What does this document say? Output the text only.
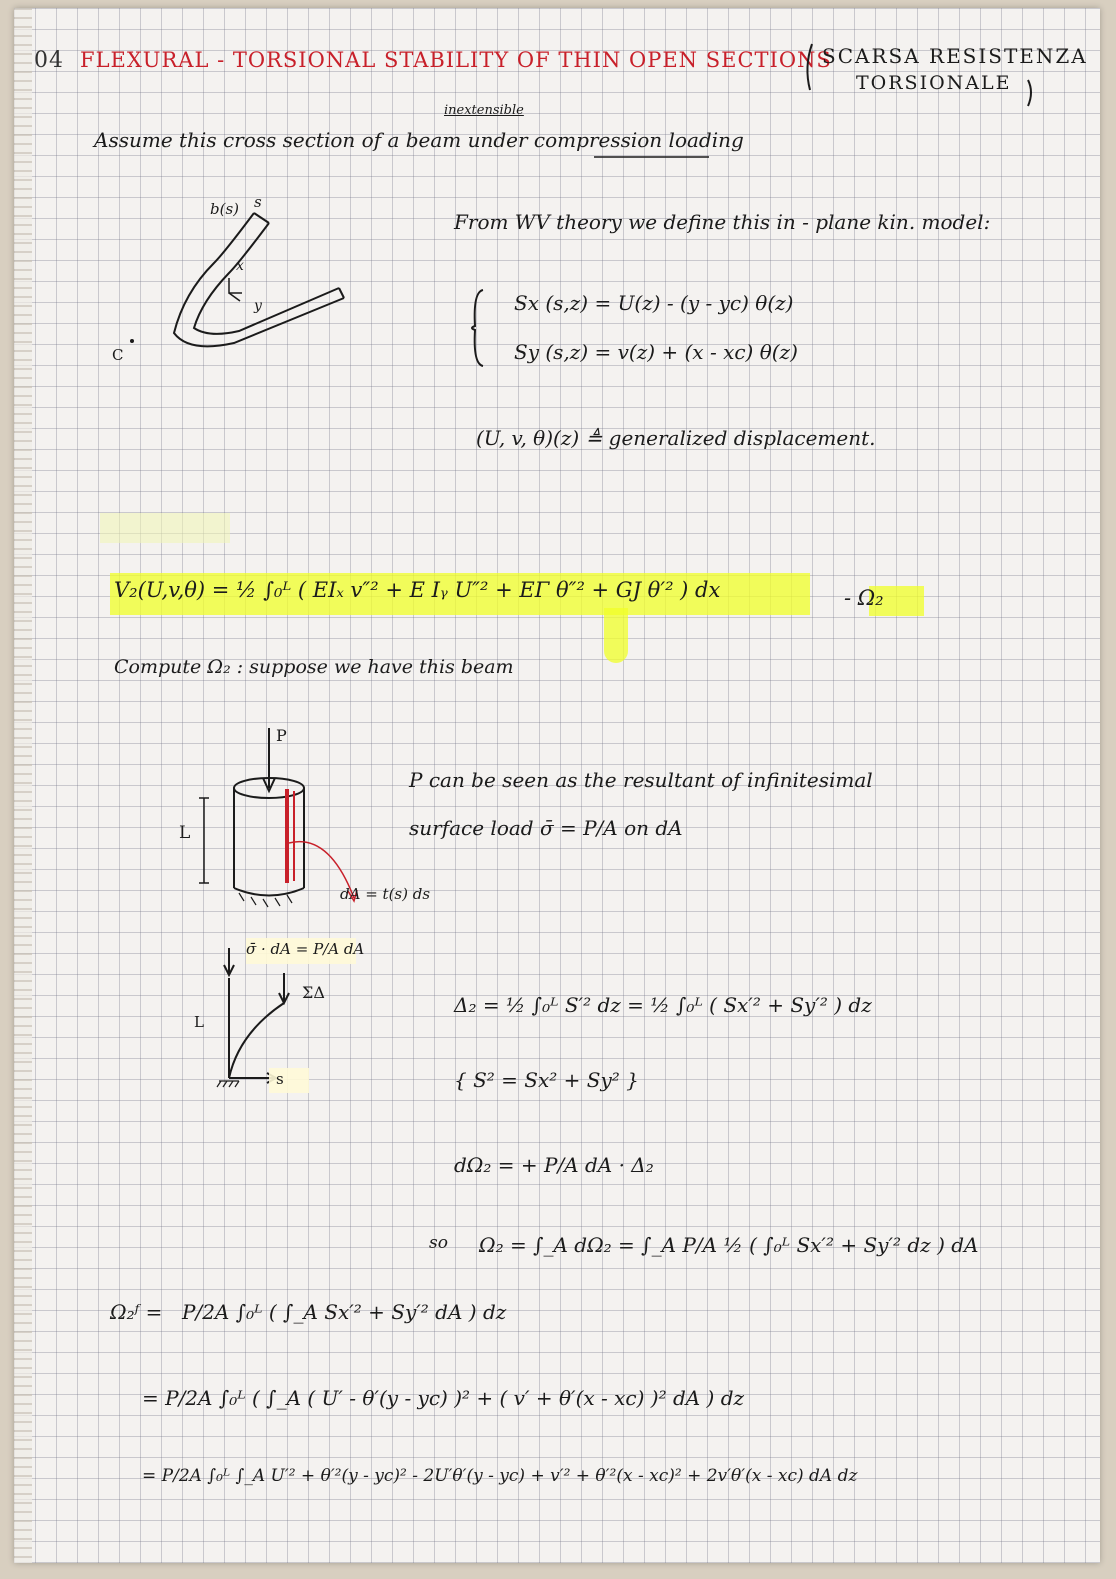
04 FLEXURAL - TORSIONAL STABILITY OF THIN OPEN SECTIONS
SCARSA RESISTENZA
TORSIONALE
inextensible
Assume this cross section of a beam under compression loading
b(s) s
x
y
C
From WV theory we define this in - plane kin. model:
Sx (s,z) = U(z) - (y - yc) θ(z)
Sy (s,z) = v(z) + (x - xc) θ(z)
(U, v, θ)(z) ≜ generalized displacement.
V₂(U,v,θ) = ½ ∫₀ᴸ ( EIₓ v″² + E Iᵧ U″² + EΓ θ″² + GJ θ′² ) dx	- Ω₂
Compute Ω₂ : suppose we have this beam
P
L
dA = t(s) ds
P can be seen as the resultant of infinitesimal
surface load σ̄ = P/A on dA
σ̄ · dA = P/A dA
ΣΔ
L
s
Δ₂ = ½ ∫₀ᴸ S′² dz = ½ ∫₀ᴸ ( Sx′² + Sy′² ) dz
{ S² = Sx² + Sy² }
dΩ₂ = + P/A dA · Δ₂
so Ω₂ = ∫_A dΩ₂ = ∫_A P/A ½ ( ∫₀ᴸ Sx′² + Sy′² dz ) dA
Ω₂ᶠ = P/2A ∫₀ᴸ ( ∫_A Sx′² + Sy′² dA ) dz
= P/2A ∫₀ᴸ ( ∫_A ( U′ - θ′(y - yc) )² + ( v′ + θ′(x - xc) )² dA ) dz
= P/2A ∫₀ᴸ ∫_A U′² + θ′²(y - yc)² - 2U′θ′(y - yc) + v′² + θ′²(x - xc)² + 2v′θ′(x - xc) dA dz
